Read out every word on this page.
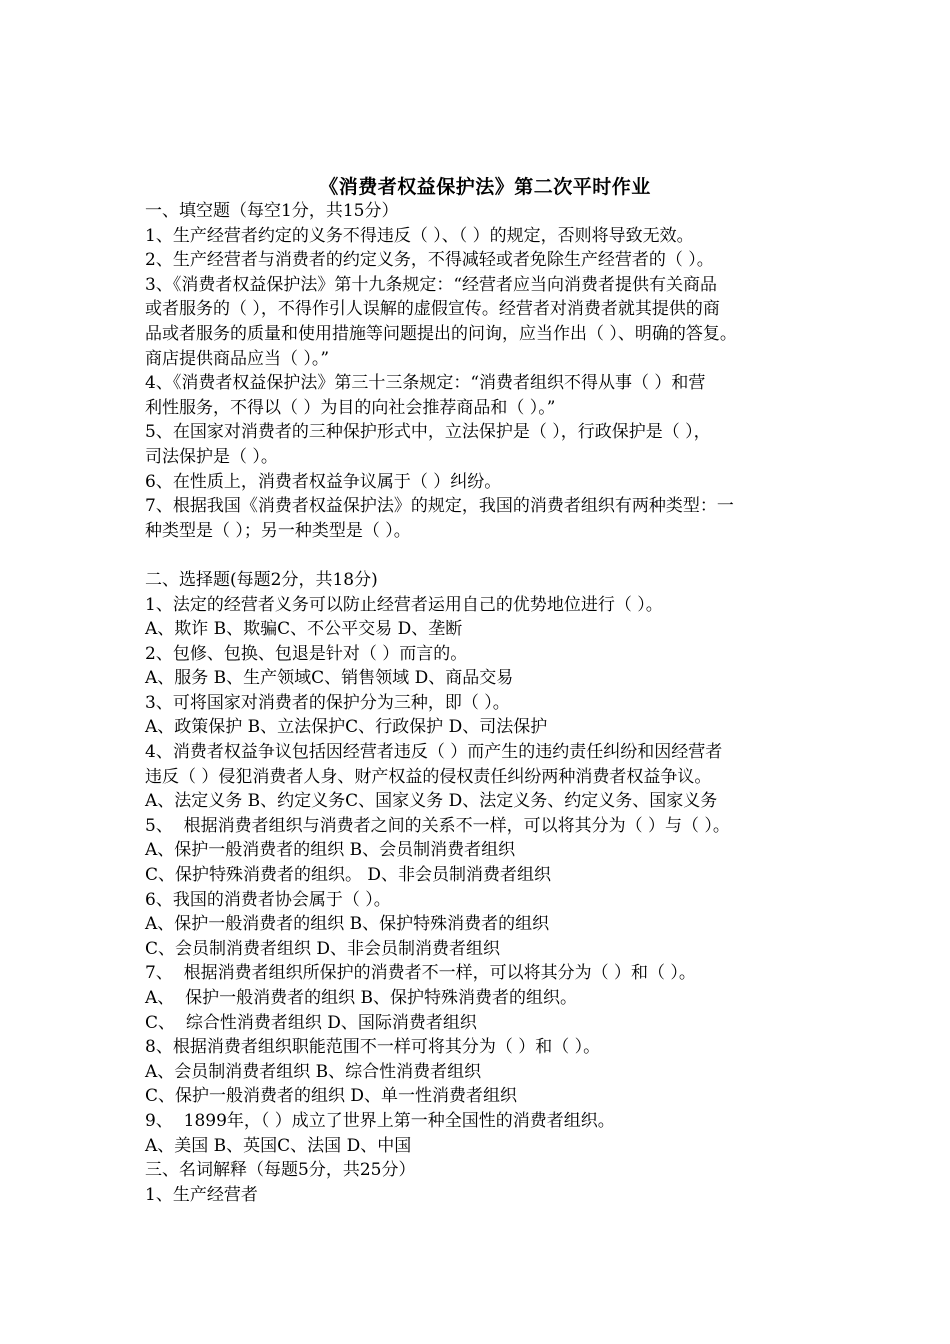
《消费者权益保护法》第二次平时作业
一、填空题（每空1分，共15分）
1、生产经营者约定的义务不得违反（ ）、（ ）的规定，否则将导致无效。
2、生产经营者与消费者的约定义务，不得减轻或者免除生产经营者的（ ）。
3、《消费者权益保护法》第十九条规定：“经营者应当向消费者提供有关商品
或者服务的（ ），不得作引人误解的虚假宣传。经营者对消费者就其提供的商
品或者服务的质量和使用措施等问题提出的问询，应当作出（ ）、明确的答复。
商店提供商品应当（ ）。”
4、《消费者权益保护法》第三十三条规定：“消费者组织不得从事（ ）和营
利性服务，不得以（ ）为目的向社会推荐商品和（ ）。”
5、在国家对消费者的三种保护形式中，立法保护是（ ），行政保护是（ ），
司法保护是（ ）。
6、在性质上，消费者权益争议属于（ ）纠纷。
7、根据我国《消费者权益保护法》的规定，我国的消费者组织有两种类型：一
种类型是（ ）；另一种类型是（ ）。
二、选择题(每题2分，共18分)
1、法定的经营者义务可以防止经营者运用自己的优势地位进行（ ）。
A、欺诈 B、欺骗C、不公平交易 D、垄断
2、包修、包换、包退是针对（ ）而言的。
A、服务 B、生产领域C、销售领域 D、商品交易
3、可将国家对消费者的保护分为三种，即（ ）。
A、政策保护 B、立法保护C、行政保护 D、司法保护
4、消费者权益争议包括因经营者违反（ ）而产生的违约责任纠纷和因经营者
违反（ ）侵犯消费者人身、财产权益的侵权责任纠纷两种消费者权益争议。
A、法定义务 B、约定义务C、国家义务 D、法定义务、约定义务、国家义务
5、  根据消费者组织与消费者之间的关系不一样，可以将其分为（ ）与（ ）。
A、保护一般消费者的组织 B、会员制消费者组织
C、保护特殊消费者的组织。 D、非会员制消费者组织
6、我国的消费者协会属于（ ）。
A、保护一般消费者的组织 B、保护特殊消费者的组织
C、会员制消费者组织 D、非会员制消费者组织
7、  根据消费者组织所保护的消费者不一样，可以将其分为（ ）和（ ）。
A、  保护一般消费者的组织 B、保护特殊消费者的组织。
C、  综合性消费者组织 D、国际消费者组织
8、根据消费者组织职能范围不一样可将其分为（ ）和（ ）。
A、会员制消费者组织 B、综合性消费者组织
C、保护一般消费者的组织 D、单一性消费者组织
9、  1899年，（ ）成立了世界上第一种全国性的消费者组织。
A、美国 B、英国C、法国 D、中国
三、名词解释（每题5分，共25分）
1、生产经营者
